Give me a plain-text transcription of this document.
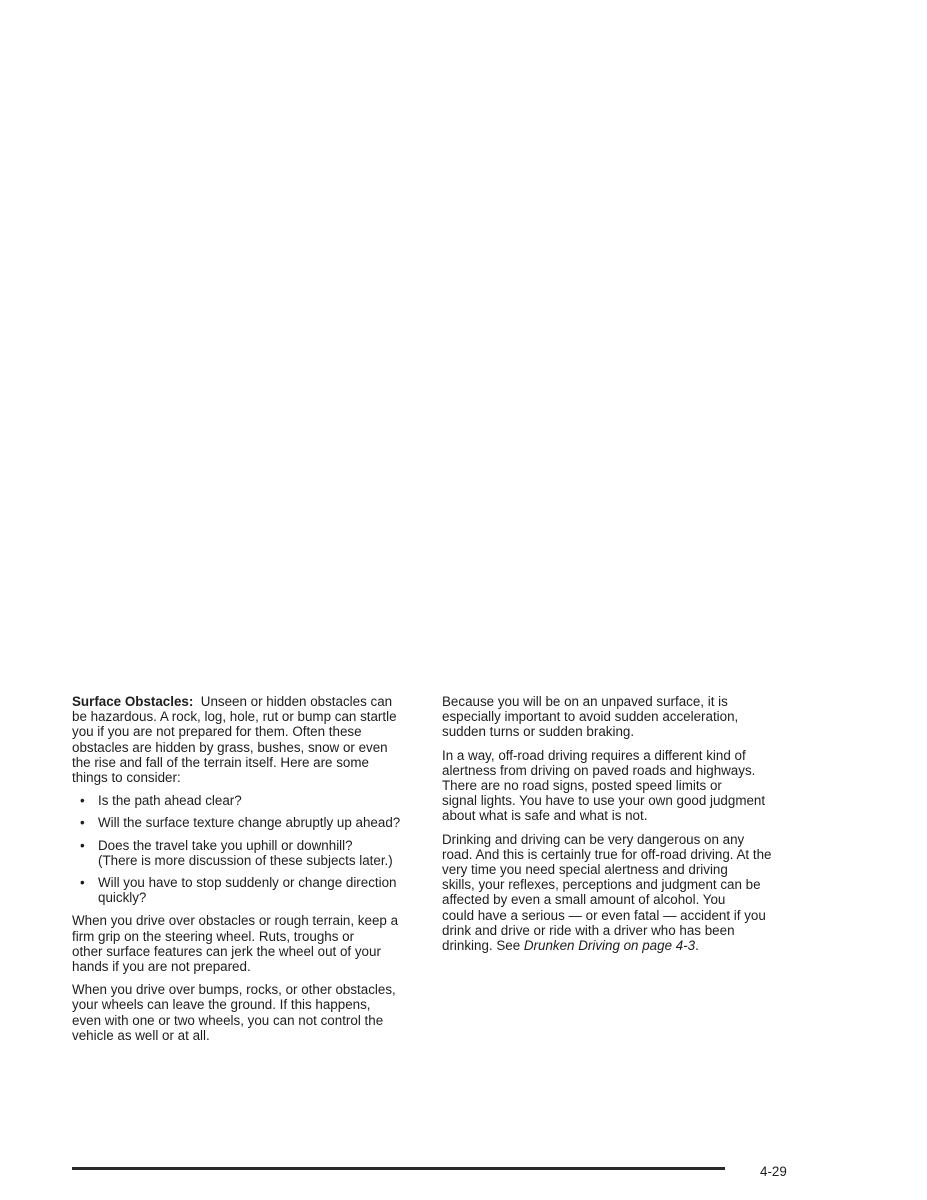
Surface Obstacles:  Unseen or hidden obstacles can
be hazardous. A rock, log, hole, rut or bump can startle
you if you are not prepared for them. Often these
obstacles are hidden by grass, bushes, snow or even
the rise and fall of the terrain itself. Here are some
things to consider:

• Is the path ahead clear?
• Will the surface texture change abruptly up ahead?
• Does the travel take you uphill or downhill?
(There is more discussion of these subjects later.)
• Will you have to stop suddenly or change direction
quickly?

When you drive over obstacles or rough terrain, keep a
firm grip on the steering wheel. Ruts, troughs or
other surface features can jerk the wheel out of your
hands if you are not prepared.

When you drive over bumps, rocks, or other obstacles,
your wheels can leave the ground. If this happens,
even with one or two wheels, you can not control the
vehicle as well or at all.

Because you will be on an unpaved surface, it is
especially important to avoid sudden acceleration,
sudden turns or sudden braking.

In a way, off-road driving requires a different kind of
alertness from driving on paved roads and highways.
There are no road signs, posted speed limits or
signal lights. You have to use your own good judgment
about what is safe and what is not.

Drinking and driving can be very dangerous on any
road. And this is certainly true for off-road driving. At the
very time you need special alertness and driving
skills, your reflexes, perceptions and judgment can be
affected by even a small amount of alcohol. You
could have a serious — or even fatal — accident if you
drink and drive or ride with a driver who has been
drinking. See Drunken Driving on page 4-3.

4-29
